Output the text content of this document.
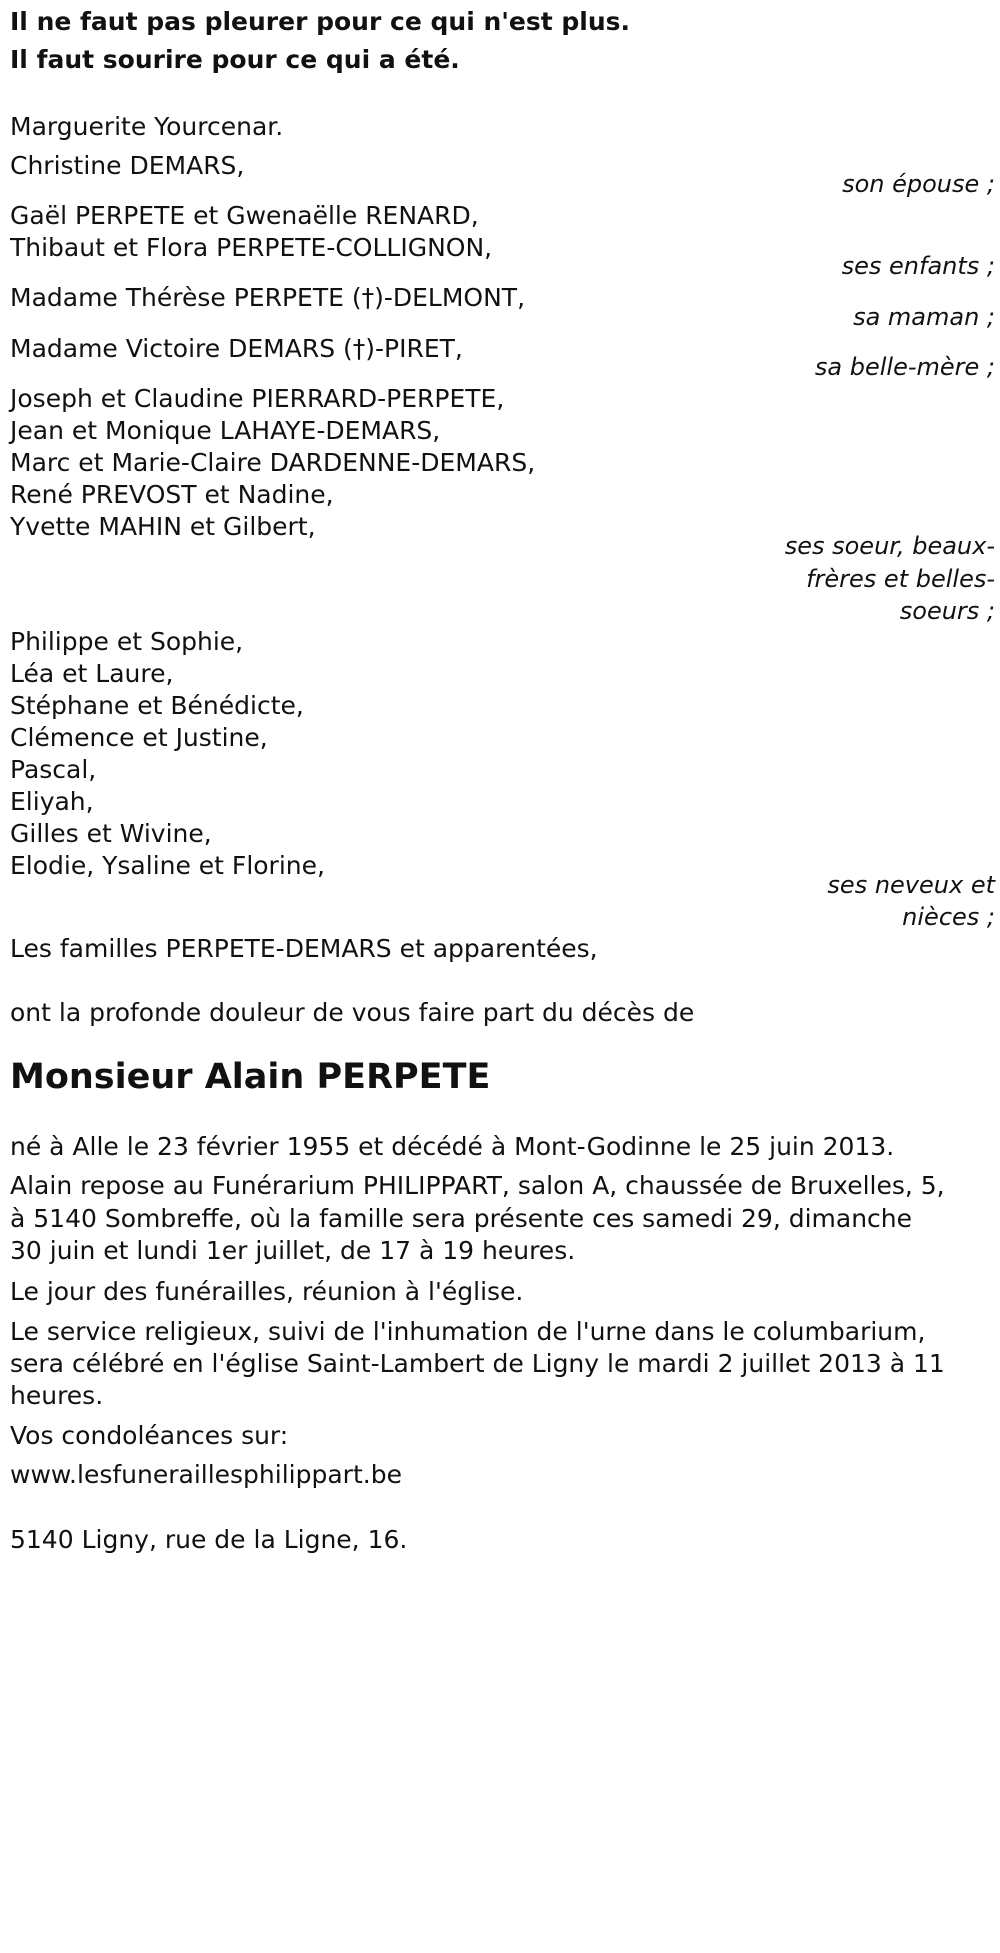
Il ne faut pas pleurer pour ce qui n'est plus.
Il faut sourire pour ce qui a été.
Marguerite Yourcenar.
Christine DEMARS,
son épouse ;
Gaël PERPETE et Gwenaëlle RENARD,
Thibaut et Flora PERPETE-COLLIGNON,
ses enfants ;
Madame Thérèse PERPETE (†)-DELMONT,
sa maman ;
Madame Victoire DEMARS (†)-PIRET,
sa belle-mère ;
Joseph et Claudine PIERRARD-PERPETE,
Jean et Monique LAHAYE-DEMARS,
Marc et Marie-Claire DARDENNE-DEMARS,
René PREVOST et Nadine,
Yvette MAHIN et Gilbert,
ses soeur, beaux-
frères et belles-
soeurs ;
Philippe et Sophie,
Léa et Laure,
Stéphane et Bénédicte,
Clémence et Justine,
Pascal,
Eliyah,
Gilles et Wivine,
Elodie, Ysaline et Florine,
ses neveux et
nièces ;
Les familles PERPETE-DEMARS et apparentées,
ont la profonde douleur de vous faire part du décès de
Monsieur Alain PERPETE
né à Alle le 23 février 1955 et décédé à Mont-Godinne le 25 juin 2013.
Alain repose au Funérarium PHILIPPART, salon A, chaussée de Bruxelles, 5,
à 5140 Sombreffe, où la famille sera présente ces samedi 29, dimanche
30 juin et lundi 1er juillet, de 17 à 19 heures.
Le jour des funérailles, réunion à l'église.
Le service religieux, suivi de l'inhumation de l'urne dans le columbarium,
sera célébré en l'église Saint-Lambert de Ligny le mardi 2 juillet 2013 à 11
heures.
Vos condoléances sur:
www.lesfuneraillesphilippart.be
5140 Ligny, rue de la Ligne, 16.
